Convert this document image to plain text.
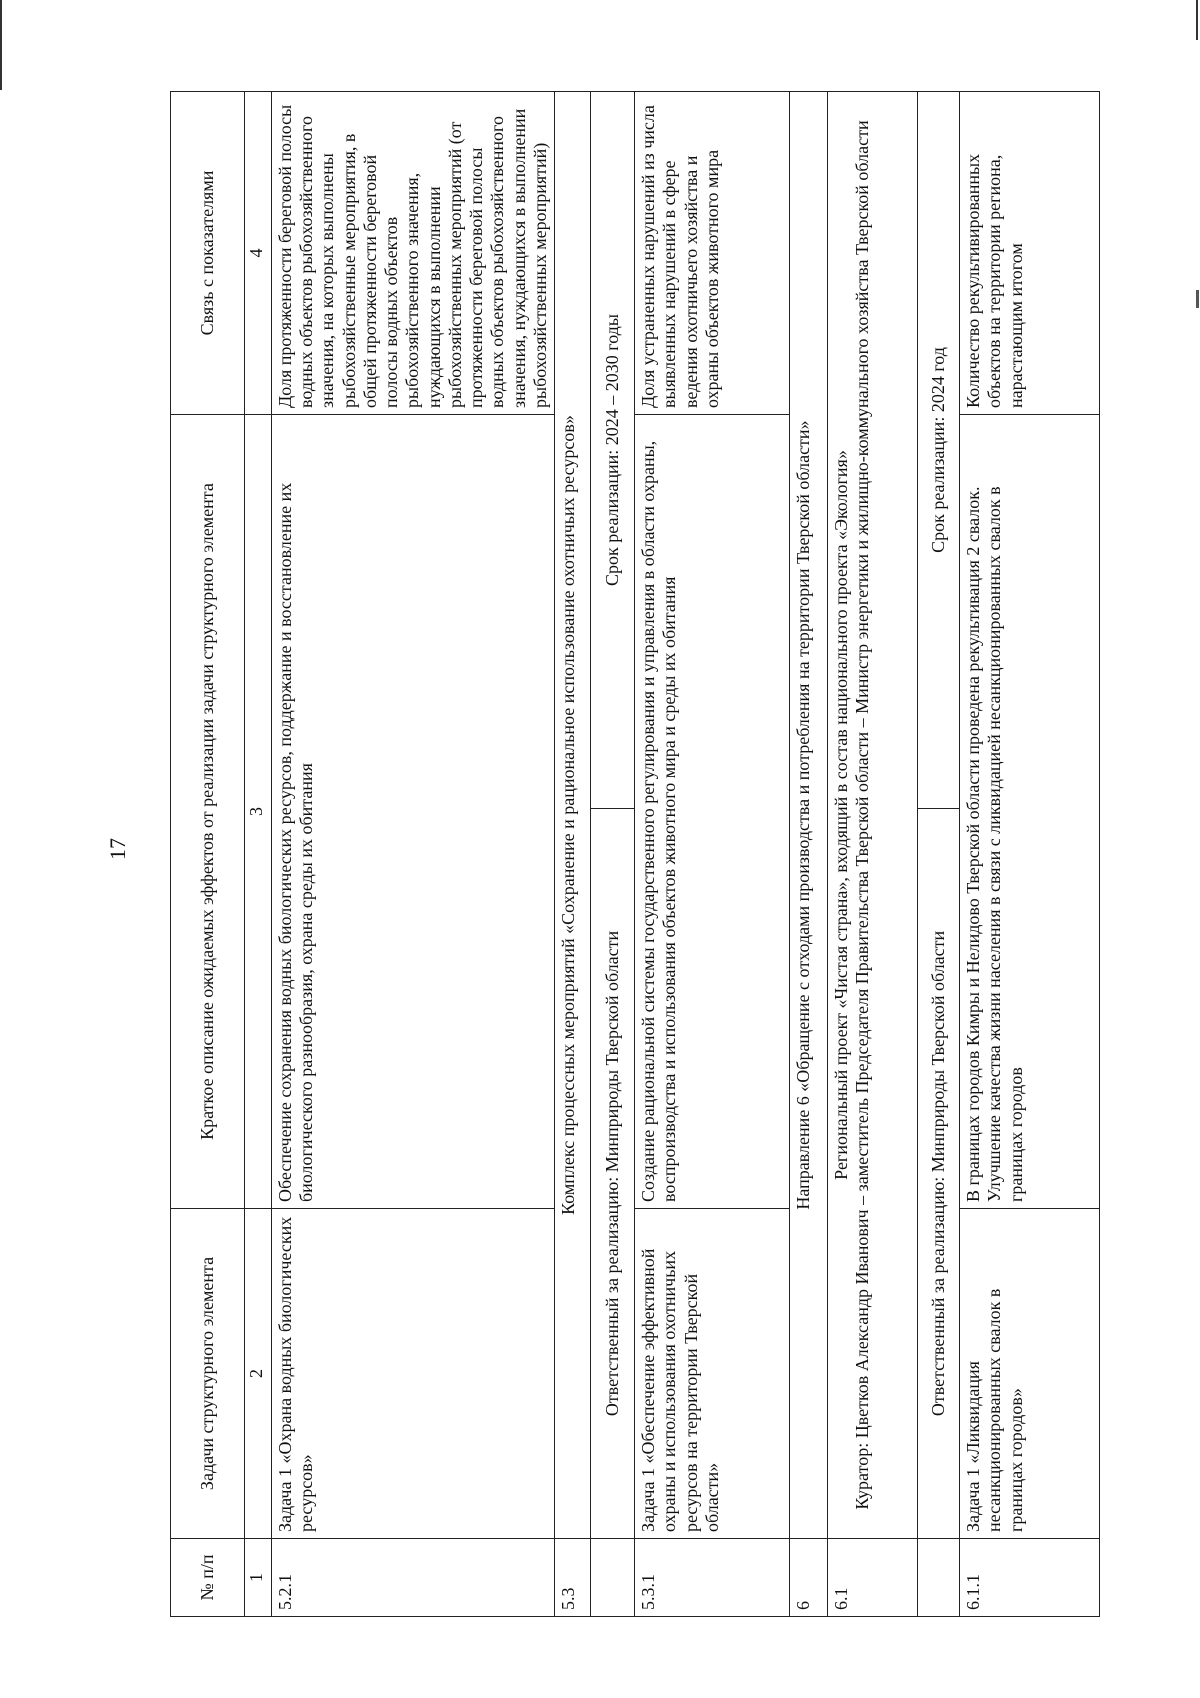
17
№ п/п	Задачи структурного элемента	Краткое описание ожидаемых эффектов от реализации задачи структурного элемента		Связь с показателями
1	2	3		4
5.2.1	Задача 1 «Охрана водных биологических ресурсов»	Обеспечение сохранения водных биологических ресурсов, поддержание и восстановление их биологического разнообразия, охрана среды их обитания		Доля протяженности береговой полосы водных объектов рыбохозяйственного значения, на которых выполнены рыбохозяйственные мероприятия, в общей протяженности береговой полосы водных объектов рыбохозяйственного значения, нуждающихся в выполнении рыбохозяйственных мероприятий (от протяженности береговой полосы водных объектов рыбохозяйственного значения, нуждающихся в выполнении рыбохозяйственных мероприятий)
5.3	Комплекс процессных мероприятий «Сохранение и рациональное использование охотничьих ресурсов»			
	Ответственный за реализацию: Минприроды Тверской области		Срок реализации: 2024 – 2030 годы	
5.3.1	Задача 1 «Обеспечение эффективной охраны и использования охотничьих ресурсов на территории Тверской области»	Создание рациональной системы государственного регулирования и управления в области охраны, воспроизводства и использования объектов животного мира и среды их обитания		Доля устраненных нарушений из числа выявленных нарушений в сфере ведения охотничьего хозяйства и охраны объектов животного мира
6	Направление 6 «Обращение с отходами производства и потребления на территории Тверской области»			
6.1	Региональный проект «Чистая страна», входящий в состав национального проекта «Экология» Куратор: Цветков Александр Иванович – заместитель Председателя Правительства Тверской области – Министр энергетики и жилищно-коммунального хозяйства Тверской области			

	Ответственный за реализацию: Минприроды Тверской области		Срок реализации: 2024 год	
6.1.1	Задача 1 «Ликвидация несанкционированных свалок в границах городов»	В границах городов Кимры и Нелидово Тверской области проведена рекультивация 2 свалок. Улучшение качества жизни населения в связи с ликвидацией несанкционированных свалок в границах городов		Количество рекультивированных объектов на территории региона, нарастающим итогом
